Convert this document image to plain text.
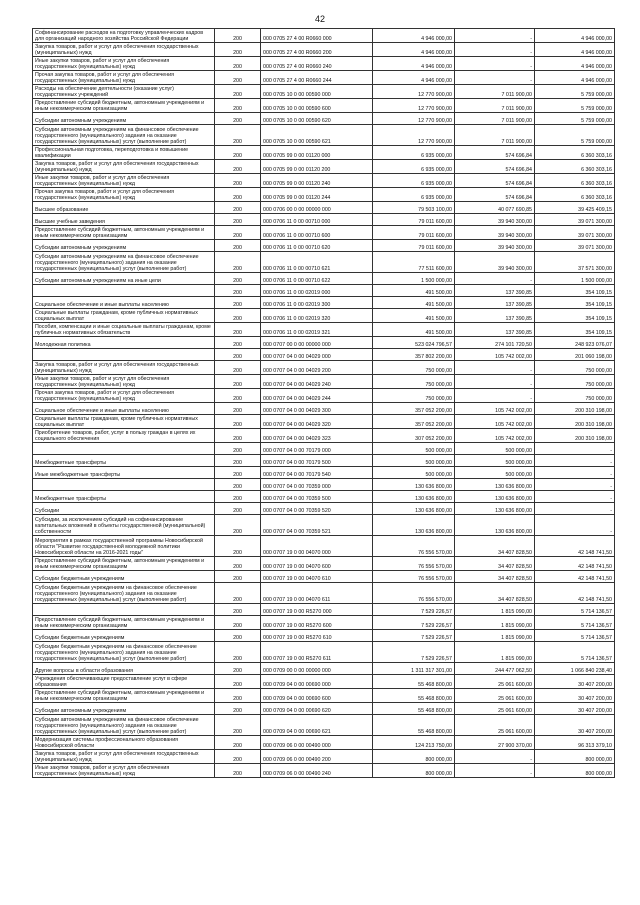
42
Софинансирование расходов на подготовку управленческих кадров для организаций народного хозяйства Российской Федерации	200	000 0705 27 4 00 R0660 000	4 946 000,00	-	4 946 000,00
Закупка товаров, работ и услуг для обеспечения государственных (муниципальных) нужд	200	000 0705 27 4 00 R0660 200	4 946 000,00	-	4 946 000,00
Иные закупки товаров, работ и услуг для обеспечения государственных (муниципальных) нужд	200	000 0705 27 4 00 R0660 240	4 946 000,00	-	4 946 000,00
Прочая закупка товаров, работ и услуг для обеспечения государственных (муниципальных) нужд	200	000 0705 27 4 00 R0660 244	4 946 000,00	-	4 946 000,00
Расходы на обеспечение деятельности (оказание услуг) государственных учреждений	200	000 0705 10 0 00 00590 000	12 770 900,00	7 011 900,00	5 759 000,00
Предоставление субсидий бюджетным, автономным учреждениям и иным некоммерческим организациям	200	000 0705 10 0 00 00590 600	12 770 900,00	7 011 900,00	5 759 000,00
Субсидии автономным учреждениям	200	000 0705 10 0 00 00590 620	12 770 900,00	7 011 900,00	5 759 000,00
Субсидии автономным учреждениям на финансовое обеспечение государственного (муниципального) задания на оказание государственных (муниципальных) услуг (выполнение работ)	200	000 0705 10 0 00 00590 621	12 770 900,00	7 011 900,00	5 759 000,00
Профессиональная подготовка, переподготовка и повышение квалификации	200	000 0705 99 0 00 01120 000	6 935 000,00	574 696,84	6 360 303,16
Закупка товаров, работ и услуг для обеспечения государственных (муниципальных) нужд	200	000 0705 99 0 00 01120 200	6 935 000,00	574 696,84	6 360 303,16
Иные закупки товаров, работ и услуг для обеспечения государственных (муниципальных) нужд	200	000 0705 99 0 00 01120 240	6 935 000,00	574 696,84	6 360 303,16
Прочая закупка товаров, работ и услуг для обеспечения государственных (муниципальных) нужд	200	000 0705 99 0 00 01120 244	6 935 000,00	574 696,84	6 360 303,16
Высшее образование	200	000 0706 00 0 00 00000 000	79 503 100,00	40 077 690,85	39 425 409,15
Высшие учебные заведения	200	000 0706 11 0 00 00710 000	79 011 600,00	39 940 300,00	39 071 300,00
Предоставление субсидий бюджетным, автономным учреждениям и иным некоммерческим организациям	200	000 0706 11 0 00 00710 600	79 011 600,00	39 940 300,00	39 071 300,00
Субсидии автономным учреждениям	200	000 0706 11 0 00 00710 620	79 011 600,00	39 940 300,00	39 071 300,00
Субсидии автономным учреждениям на финансовое обеспечение государственного (муниципального) задания на оказание государственных (муниципальных) услуг (выполнение работ)	200	000 0706 11 0 00 00710 621	77 511 600,00	39 940 300,00	37 571 300,00
Субсидии автономным учреждениям на иные цели	200	000 0706 11 0 00 00710 622	1 500 000,00	-	1 500 000,00
	200	000 0706 11 0 00 02019 000	491 500,00	137 390,85	354 109,15
Социальное обеспечение и иные выплаты населению	200	000 0706 11 0 00 02019 300	491 500,00	137 390,85	354 109,15
Социальные выплаты гражданам, кроме публичных нормативных социальных выплат	200	000 0706 11 0 00 02019 320	491 500,00	137 390,85	354 109,15
Пособия, компенсации и иные социальные выплаты гражданам, кроме публичных нормативных обязательств	200	000 0706 11 0 00 02019 321	491 500,00	137 390,85	354 109,15
Молодежная политика	200	000 0707 00 0 00 00000 000	523 024 796,57	274 101 720,50	248 923 076,07
	200	000 0707 04 0 00 04029 000	357 802 200,00	105 742 002,00	201 060 198,00
Закупка товаров, работ и услуг для обеспечения государственных (муниципальных) нужд	200	000 0707 04 0 00 04029 200	750 000,00	-	750 000,00
Иные закупки товаров, работ и услуг для обеспечения государственных (муниципальных) нужд	200	000 0707 04 0 00 04029 240	750 000,00	-	750 000,00
Прочая закупка товаров, работ и услуг для обеспечения государственных (муниципальных) нужд	200	000 0707 04 0 00 04029 244	750 000,00	-	750 000,00
Социальное обеспечение и иные выплаты населению	200	000 0707 04 0 00 04029 300	357 052 200,00	105 742 002,00	200 310 198,00
Социальные выплаты гражданам, кроме публичных нормативных социальных выплат	200	000 0707 04 0 00 04029 320	357 052 200,00	105 742 002,00	200 310 198,00
Приобретение товаров, работ, услуг в пользу граждан в целях их социального обеспечения	200	000 0707 04 0 00 04029 323	307 052 200,00	105 742 002,00	200 310 198,00
	200	000 0707 04 0 00 70179 000	500 000,00	500 000,00	-
Межбюджетные трансферты	200	000 0707 04 0 00 70179 500	500 000,00	500 000,00	-
Иные межбюджетные трансферты	200	000 0707 04 0 00 70179 540	500 000,00	500 000,00	-
	200	000 0707 04 0 00 70359 000	130 636 800,00	130 636 800,00	-
Межбюджетные трансферты	200	000 0707 04 0 00 70359 500	130 636 800,00	130 636 800,00	-
Субсидии	200	000 0707 04 0 00 70359 520	130 636 800,00	130 636 800,00	-
Субсидии, за исключением субсидий на софинансирование капитальных вложений в объекты государственной (муниципальной) собственности	200	000 0707 04 0 00 70359 521	130 636 800,00	130 636 800,00	-
Мероприятия в рамках государственной программы Новосибирской области "Развитие государственной молодежной политики Новосибирской области на 2016-2021 годы"	200	000 0707 19 0 00 04070 000	76 556 570,00	34 407 828,50	42 148 741,50
Предоставление субсидий бюджетным, автономным учреждениям и иным некоммерческим организациям	200	000 0707 19 0 00 04070 600	76 556 570,00	34 407 828,50	42 148 741,50
Субсидии бюджетным учреждениям	200	000 0707 19 0 00 04070 610	76 556 570,00	34 407 828,50	42 148 741,50
Субсидии бюджетным учреждениям на финансовое обеспечение государственного (муниципального) задания на оказание государственных (муниципальных) услуг (выполнение работ)	200	000 0707 19 0 00 04070 611	76 556 570,00	34 407 828,50	42 148 741,50
	200	000 0707 19 0 00 R5270 000	7 529 226,57	1 815 090,00	5 714 136,57
Предоставление субсидий бюджетным, автономным учреждениям и иным некоммерческим организациям	200	000 0707 19 0 00 R5270 600	7 529 226,57	1 815 090,00	5 714 136,57
Субсидии бюджетным учреждениям	200	000 0707 19 0 00 R5270 610	7 529 226,57	1 815 090,00	5 714 136,57
Субсидии бюджетным учреждениям на финансовое обеспечение государственного (муниципального) задания на оказание государственных (муниципальных) услуг (выполнение работ)	200	000 0707 19 0 00 R5270 611	7 529 226,57	1 815 090,00	5 714 136,57
Другие вопросы в области образования	200	000 0709 00 0 00 00000 000	1 311 317 301,00	244 477 062,50	1 066 840 238,40
Учреждения обеспечивающие предоставление услуг в сфере образования	200	000 0709 04 0 00 00690 000	55 468 800,00	25 061 600,00	30 407 200,00
Предоставление субсидий бюджетным, автономным учреждениям и иным некоммерческим организациям	200	000 0709 04 0 00 00690 600	55 468 800,00	25 061 600,00	30 407 200,00
Субсидии автономным учреждениям	200	000 0709 04 0 00 00690 620	55 468 800,00	25 061 600,00	30 407 200,00
Субсидии автономным учреждениям на финансовое обеспечение государственного (муниципального) задания на оказание государственных (муниципальных) услуг (выполнение работ)	200	000 0709 04 0 00 00690 621	55 468 800,00	25 061 600,00	30 407 200,00
Модернизация системы профессионального образования Новосибирской области	200	000 0709 06 0 00 00490 000	124 213 750,00	27 900 370,00	96 313 379,10
Закупка товаров, работ и услуг для обеспечения государственных (муниципальных) нужд	200	000 0709 06 0 00 00490 200	800 000,00	-	800 000,00
Иные закупки товаров, работ и услуг для обеспечения государственных (муниципальных) нужд	200	000 0709 06 0 00 00490 240	800 000,00	-	800 000,00
